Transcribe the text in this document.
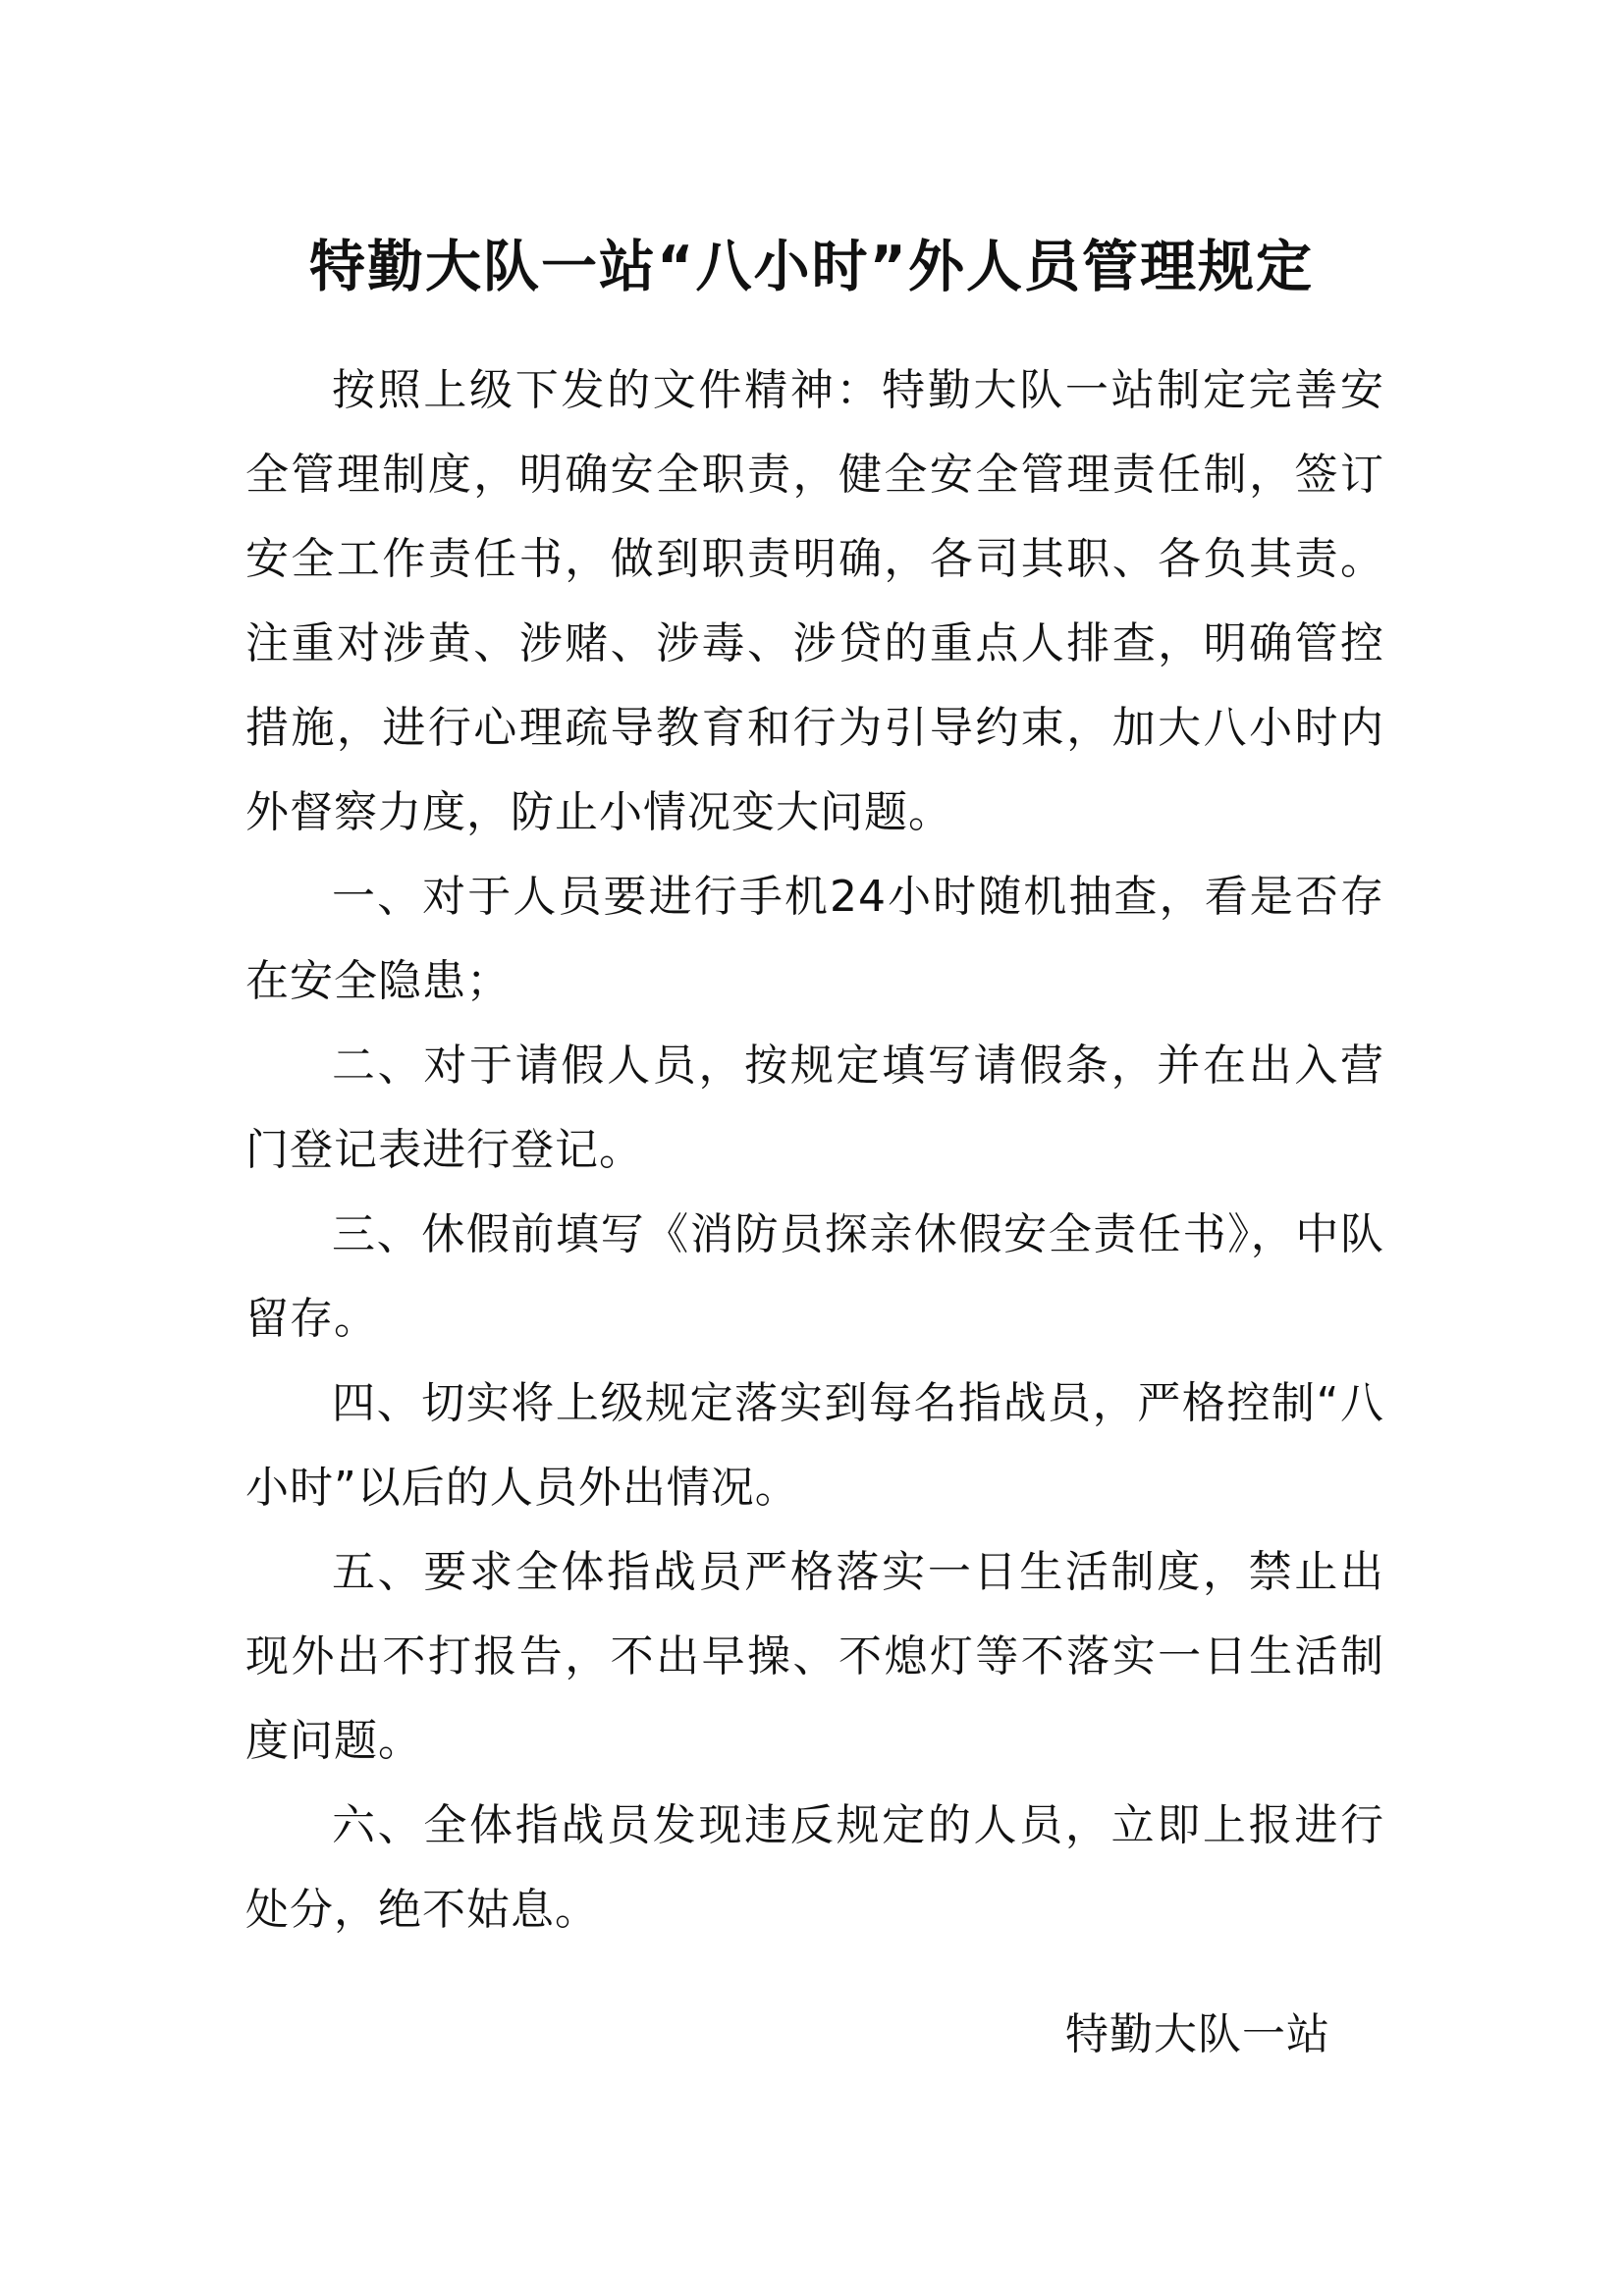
特勤大队一站“八小时”外人员管理规定

按照上级下发的文件精神：特勤大队一站制定完善安全管理制度，明确安全职责，健全安全管理责任制，签订安全工作责任书，做到职责明确，各司其职、各负其责。注重对涉黄、涉赌、涉毒、涉贷的重点人排查，明确管控措施，进行心理疏导教育和行为引导约束，加大八小时内外督察力度，防止小情况变大问题。

一、对于人员要进行手机24小时随机抽查，看是否存在安全隐患；

二、对于请假人员，按规定填写请假条，并在出入营门登记表进行登记。

三、休假前填写《消防员探亲休假安全责任书》，中队留存。

四、切实将上级规定落实到每名指战员，严格控制“八小时”以后的人员外出情况。

五、要求全体指战员严格落实一日生活制度，禁止出现外出不打报告，不出早操、不熄灯等不落实一日生活制度问题。

六、全体指战员发现违反规定的人员，立即上报进行处分，绝不姑息。

特勤大队一站
